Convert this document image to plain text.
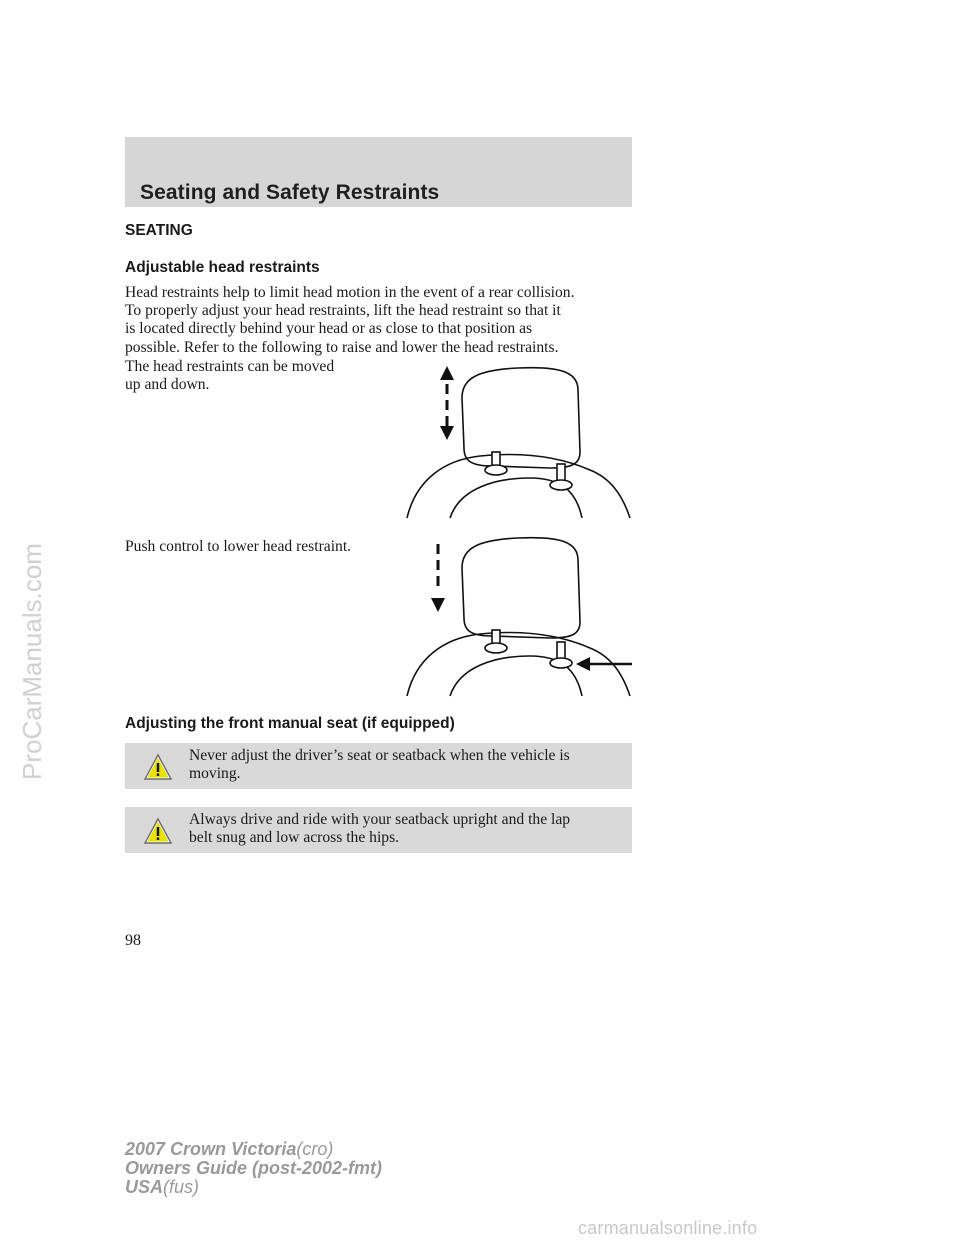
ProCarManuals.com
Seating and Safety Restraints
SEATING
Adjustable head restraints
Head restraints help to limit head motion in the event of a rear collision.
To properly adjust your head restraints, lift the head restraint so that it
is located directly behind your head or as close to that position as
possible. Refer to the following to raise and lower the head restraints.
The head restraints can be moved
up and down.
Push control to lower head restraint.
Adjusting the front manual seat (if equipped)
Never adjust the driver’s seat or seatback when the vehicle is
moving.
Always drive and ride with your seatback upright and the lap
belt snug and low across the hips.
98
2007 Crown Victoria(cro)
Owners Guide (post-2002-fmt)
USA(fus)
carmanualsonline.info
